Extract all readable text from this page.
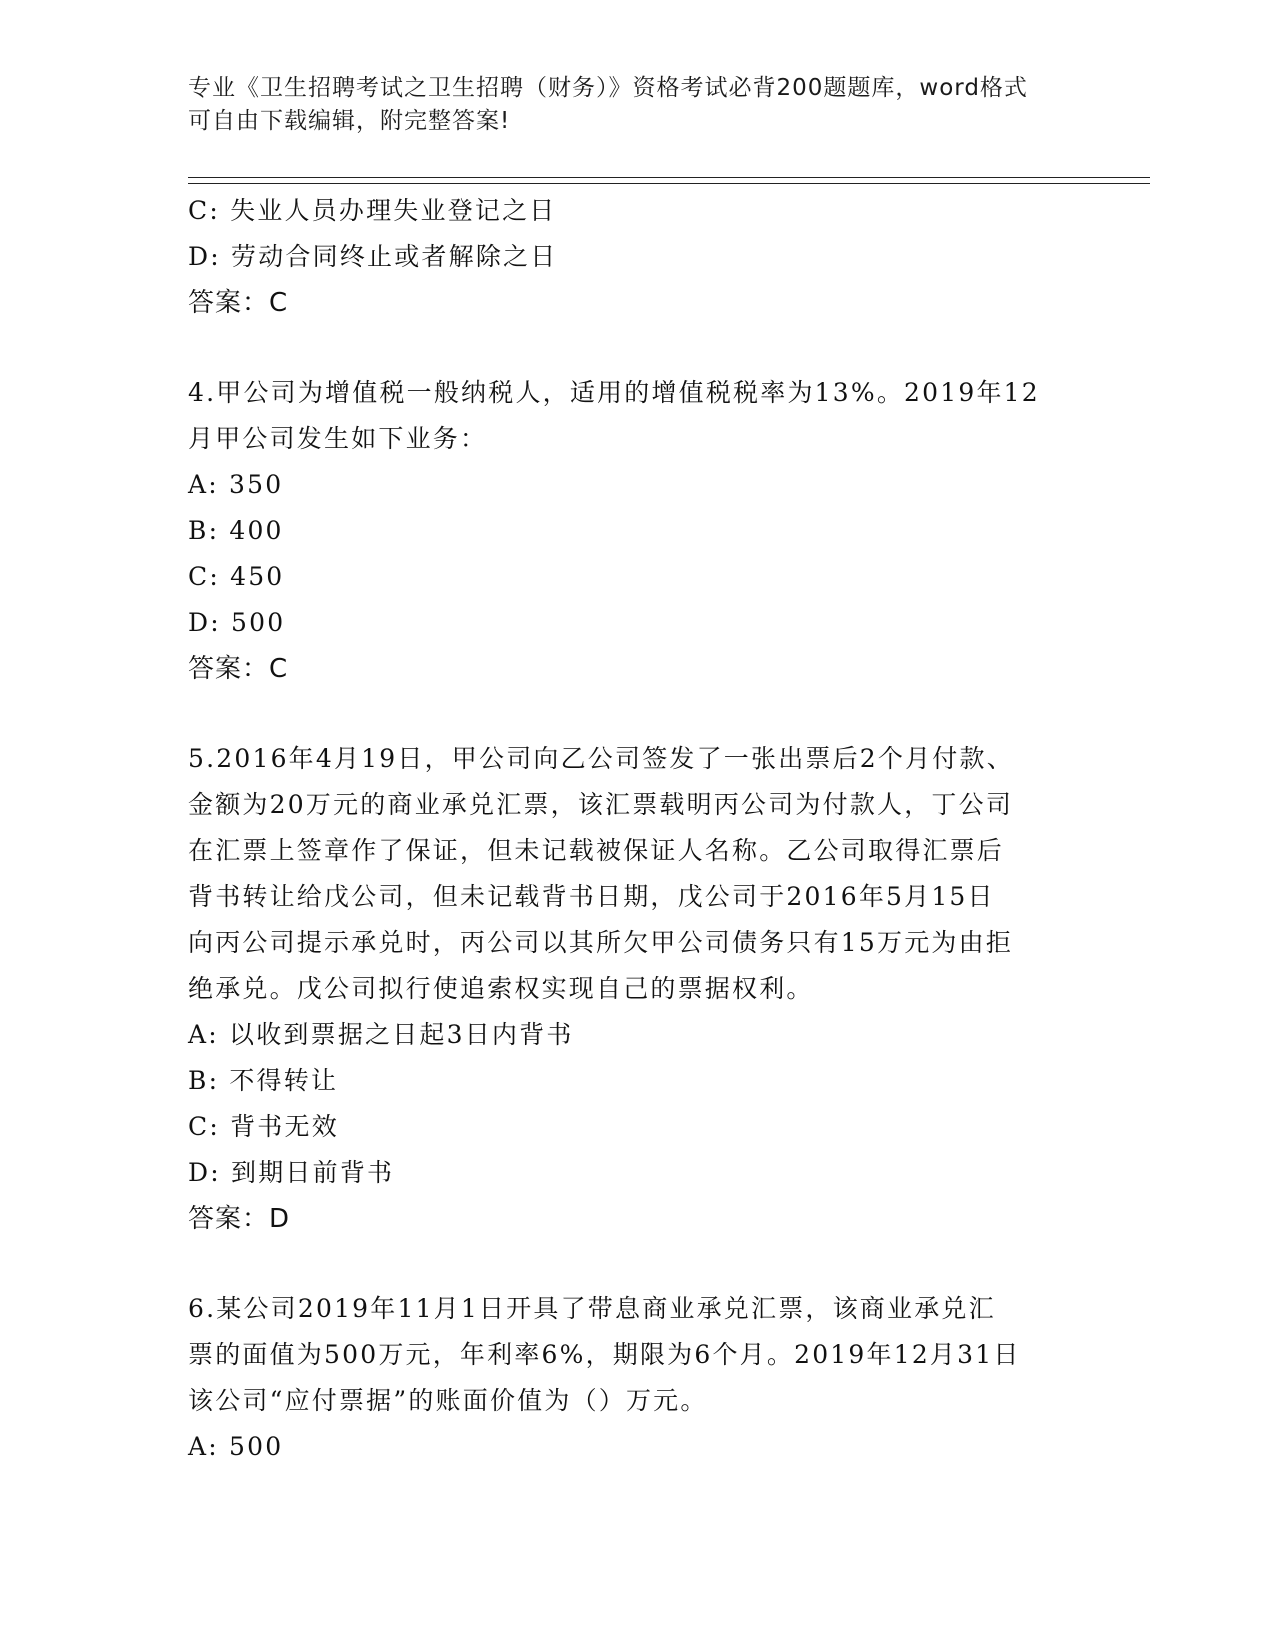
专业《卫生招聘考试之卫生招聘（财务）》资格考试必背200题题库，word格式
可自由下载编辑，附完整答案!
C: 失业人员办理失业登记之日
D: 劳动合同终止或者解除之日
答案：C
4.甲公司为增值税一般纳税人，适用的增值税税率为13%。2019年12
月甲公司发生如下业务：
A: 350
B: 400
C: 450
D: 500
答案：C
5.2016年4月19日，甲公司向乙公司签发了一张出票后2个月付款、
金额为20万元的商业承兑汇票，该汇票载明丙公司为付款人，丁公司
在汇票上签章作了保证，但未记载被保证人名称。乙公司取得汇票后
背书转让给戊公司，但未记载背书日期，戊公司于2016年5月15日
向丙公司提示承兑时，丙公司以其所欠甲公司债务只有15万元为由拒
绝承兑。戊公司拟行使追索权实现自己的票据权利。
A: 以收到票据之日起3日内背书
B: 不得转让
C: 背书无效
D: 到期日前背书
答案：D
6.某公司2019年11月1日开具了带息商业承兑汇票，该商业承兑汇
票的面值为500万元，年利率6%，期限为6个月。2019年12月31日
该公司“应付票据”的账面价值为（）万元。
A: 500
